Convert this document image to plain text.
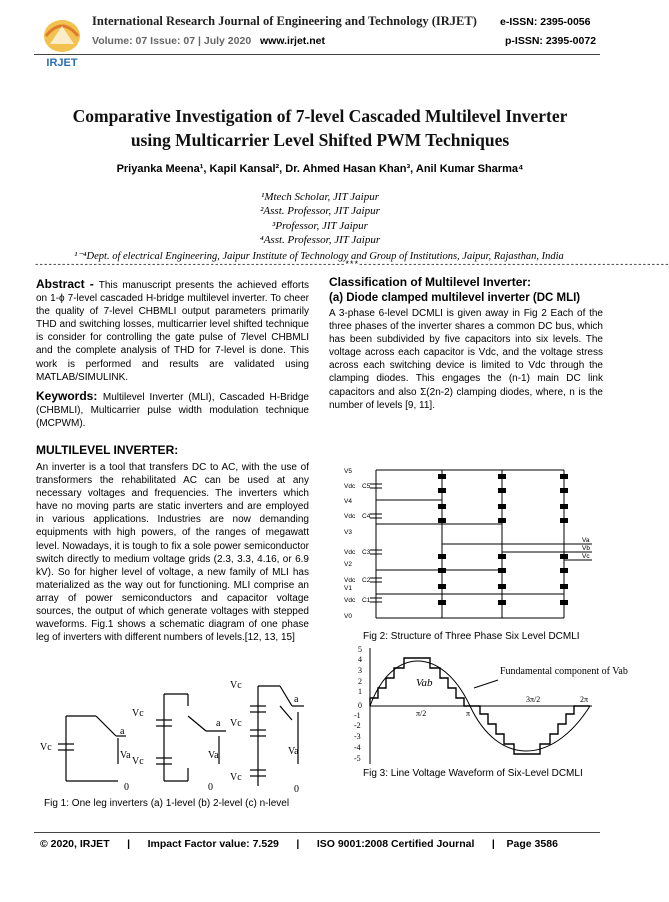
IRJET
International Research Journal of Engineering and Technology (IRJET) e-ISSN: 2395-0056
Volume: 07 Issue: 07 | July 2020 www.irjet.net	p-ISSN: 2395-0072
Comparative Investigation of 7-level Cascaded Multilevel Inverter
using Multicarrier Level Shifted PWM Techniques
Priyanka Meena¹, Kapil Kansal², Dr. Ahmed Hasan Khan³, Anil Kumar Sharma⁴
¹Mtech Scholar, JIT Jaipur
²Asst. Professor, JIT Jaipur
³Professor, JIT Jaipur
⁴Asst. Professor, JIT Jaipur
¹⁻⁴Dept. of electrical Engineering, Jaipur Institute of Technology and Group of Institutions, Jaipur, Rajasthan, India
---------------------------------------------------------------------***---------------------------------------------------------------------

Abstract - This manuscript presents the achieved efforts on 1-ϕ 7-level cascaded H-bridge multilevel inverter. To cheer the quality of 7-level CHBMLI output parameters primarily THD and switching losses, multicarrier level shifted technique is consider for controlling the gate pulse of 7level CHBMLI and the complete analysis of THD for 7-level is done. This work is performed and results are validated using MATLAB/SIMULINK.

Keywords: Multilevel Inverter (MLI), Cascaded H-Bridge (CHBMLI), Multicarrier pulse width modulation technique (MCPWM).

MULTILEVEL INVERTER:

An inverter is a tool that transfers DC to AC, with the use of transformers the rehabilitated AC can be used at any necessary voltages and frequencies. The inverters which have no moving parts are static inverters and are employed in various applications. Industries are now demanding equipments with high powers, of the ranges of megawatt level. Nowadays, it is tough to fix a sole power semiconductor switch directly to medium voltage grids (2.3, 3.3, 4.16, or 6.9 kV). So for higher level of voltage, a new family of MLI has materialized as the way out for functioning. MLI comprise an array of power semiconductors and capacitor voltage sources, the output of which generate voltages with stepped waveforms. Fig.1 shows a schematic diagram of one phase leg of inverters with different numbers of levels.[12, 13, 15]

Vc
Vc
Vc
Vc
Vc
Vc
a
a
a
Va	Va	Va
0	0	0
Fig 1: One leg inverters (a) 1-level (b) 2-level (c) n-level

Classification of Multilevel Inverter:

(a) Diode clamped multilevel inverter (DC MLI)

A 3-phase 6-level DCMLI is given away in Fig 2 Each of the three phases of the inverter shares a common DC bus, which has been subdivided by five capacitors into six levels. The voltage across each capacitor is Vdc, and the voltage stress across each switching device is limited to Vdc through the clamping diodes. This engages the (n-1) main DC link capacitors and also Σ(2n-2) clamping diodes, where, n is the number of levels [9, 11].

V5
Vdc C5
V4
Vdc C4
V3
Vdc C3
V2
Vdc C2
V1
Vdc C1
V0
Va
Vb
Vc
Fig 2: Structure of Three Phase Six Level DCMLI
5
4
3
2
1
0
-1
-2
-3
-4
-5
π/2	π
3π/2	2π
Vab
Fundamental component of Vab
Fig 3: Line Voltage Waveform of Six-Level DCMLI
© 2020, IRJET      |      Impact Factor value: 7.529      |      ISO 9001:2008 Certified Journal      |    Page 3586
